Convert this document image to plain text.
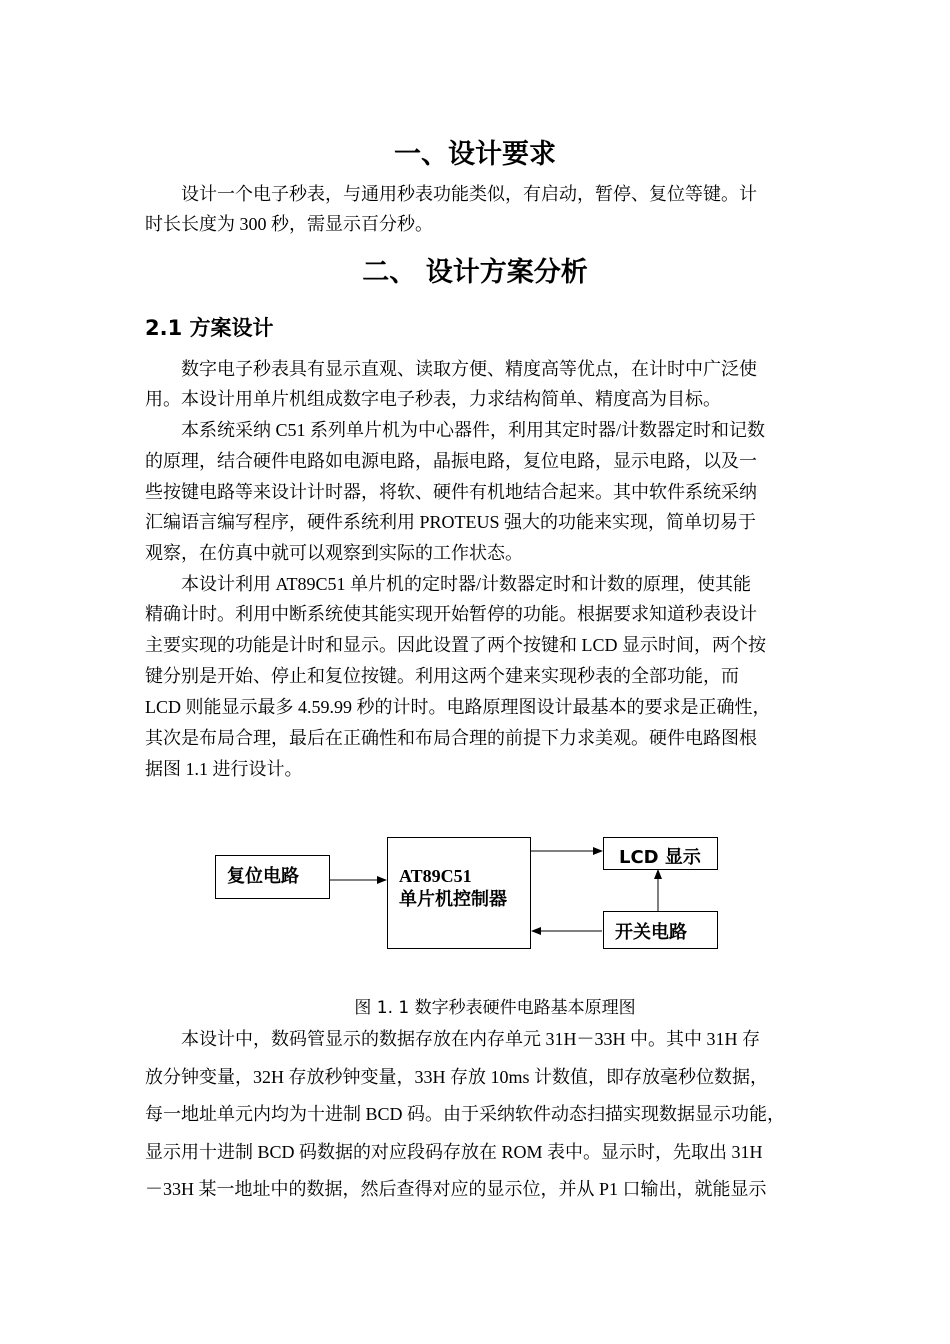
一、设计要求
设计一个电子秒表，与通用秒表功能类似，有启动，暂停、复位等键。计
时长长度为 300 秒，需显示百分秒。
二、 设计方案分析
2.1 方案设计
数字电子秒表具有显示直观、读取方便、精度高等优点，在计时中广泛使
用。本设计用单片机组成数字电子秒表，力求结构简单、精度高为目标。
本系统采纳 C51 系列单片机为中心器件，利用其定时器/计数器定时和记数
的原理，结合硬件电路如电源电路，晶振电路，复位电路，显示电路，以及一
些按键电路等来设计计时器，将软、硬件有机地结合起来。其中软件系统采纳
汇编语言编写程序，硬件系统利用 PROTEUS 强大的功能来实现，简单切易于
观察，在仿真中就可以观察到实际的工作状态。
本设计利用 AT89C51 单片机的定时器/计数器定时和计数的原理，使其能
精确计时。利用中断系统使其能实现开始暂停的功能。根据要求知道秒表设计
主要实现的功能是计时和显示。因此设置了两个按键和 LCD 显示时间，两个按
键分别是开始、停止和复位按键。利用这两个建来实现秒表的全部功能，而
LCD 则能显示最多 4.59.99 秒的计时。电路原理图设计最基本的要求是正确性，
其次是布局合理，最后在正确性和布局合理的前提下力求美观。硬件电路图根
据图 1.1 进行设计。
复位电路	AT89C51
单片机控制器
LCD 显示
开关电路
图 1. 1 数字秒表硬件电路基本原理图
本设计中，数码管显示的数据存放在内存单元 31H－33H 中。其中 31H 存
放分钟变量，32H 存放秒钟变量，33H 存放 10ms 计数值，即存放毫秒位数据，
每一地址单元内均为十进制 BCD 码。由于采纳软件动态扫描实现数据显示功能，
显示用十进制 BCD 码数据的对应段码存放在 ROM 表中。显示时，先取出 31H
－33H 某一地址中的数据，然后查得对应的显示位，并从 P1 口输出，就能显示
